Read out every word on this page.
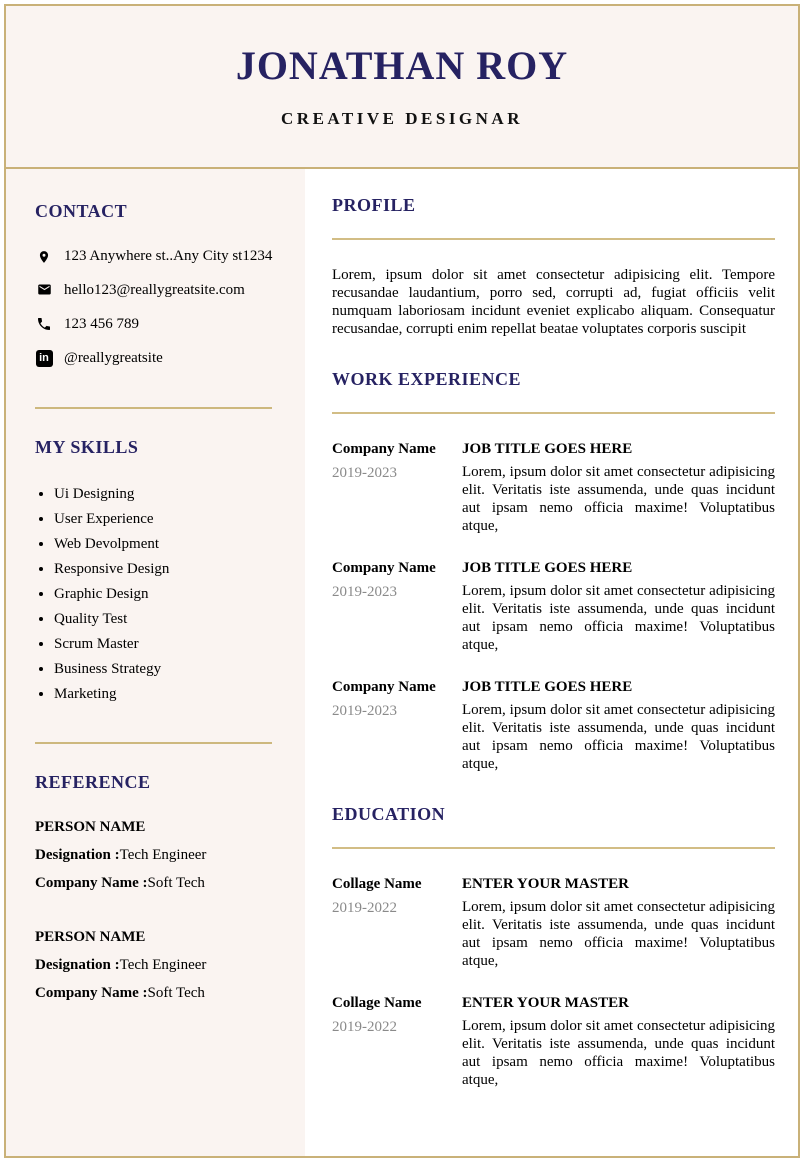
JONATHAN ROY
CREATIVE DESIGNAR
CONTACT
123 Anywhere st..Any City st1234
hello123@reallygreatsite.com
123 456 789
in @reallygreatsite
MY SKILLS
• Ui Designing
• User Experience
• Web Devolpment
• Responsive Design
• Graphic Design
• Quality Test
• Scrum Master
• Business Strategy
• Marketing
REFERENCE
PERSON NAME
Designation :Tech Engineer
Company Name :Soft Tech
PERSON NAME
Designation :Tech Engineer
Company Name :Soft Tech
PROFILE

Lorem, ipsum dolor sit amet consectetur adipisicing elit. Tempore recusandae laudantium, porro sed, corrupti ad, fugiat officiis velit numquam laboriosam incidunt eveniet explicabo aliquam. Consequatur recusandae, corrupti enim repellat beatae voluptates corporis suscipit

WORK EXPERIENCE
Company Name
2019-2023
JOB TITLE GOES HERE
Lorem, ipsum dolor sit amet consectetur adipisicing elit. Veritatis iste assumenda, unde quas incidunt aut ipsam nemo officia maxime! Voluptatibus atque,
Company Name
2019-2023
JOB TITLE GOES HERE
Lorem, ipsum dolor sit amet consectetur adipisicing elit. Veritatis iste assumenda, unde quas incidunt aut ipsam nemo officia maxime! Voluptatibus atque,
Company Name
2019-2023
JOB TITLE GOES HERE
Lorem, ipsum dolor sit amet consectetur adipisicing elit. Veritatis iste assumenda, unde quas incidunt aut ipsam nemo officia maxime! Voluptatibus atque,
EDUCATION
Collage Name
2019-2022
ENTER YOUR MASTER
Lorem, ipsum dolor sit amet consectetur adipisicing elit. Veritatis iste assumenda, unde quas incidunt aut ipsam nemo officia maxime! Voluptatibus atque,
Collage Name
2019-2022
ENTER YOUR MASTER
Lorem, ipsum dolor sit amet consectetur adipisicing elit. Veritatis iste assumenda, unde quas incidunt aut ipsam nemo officia maxime! Voluptatibus atque,
